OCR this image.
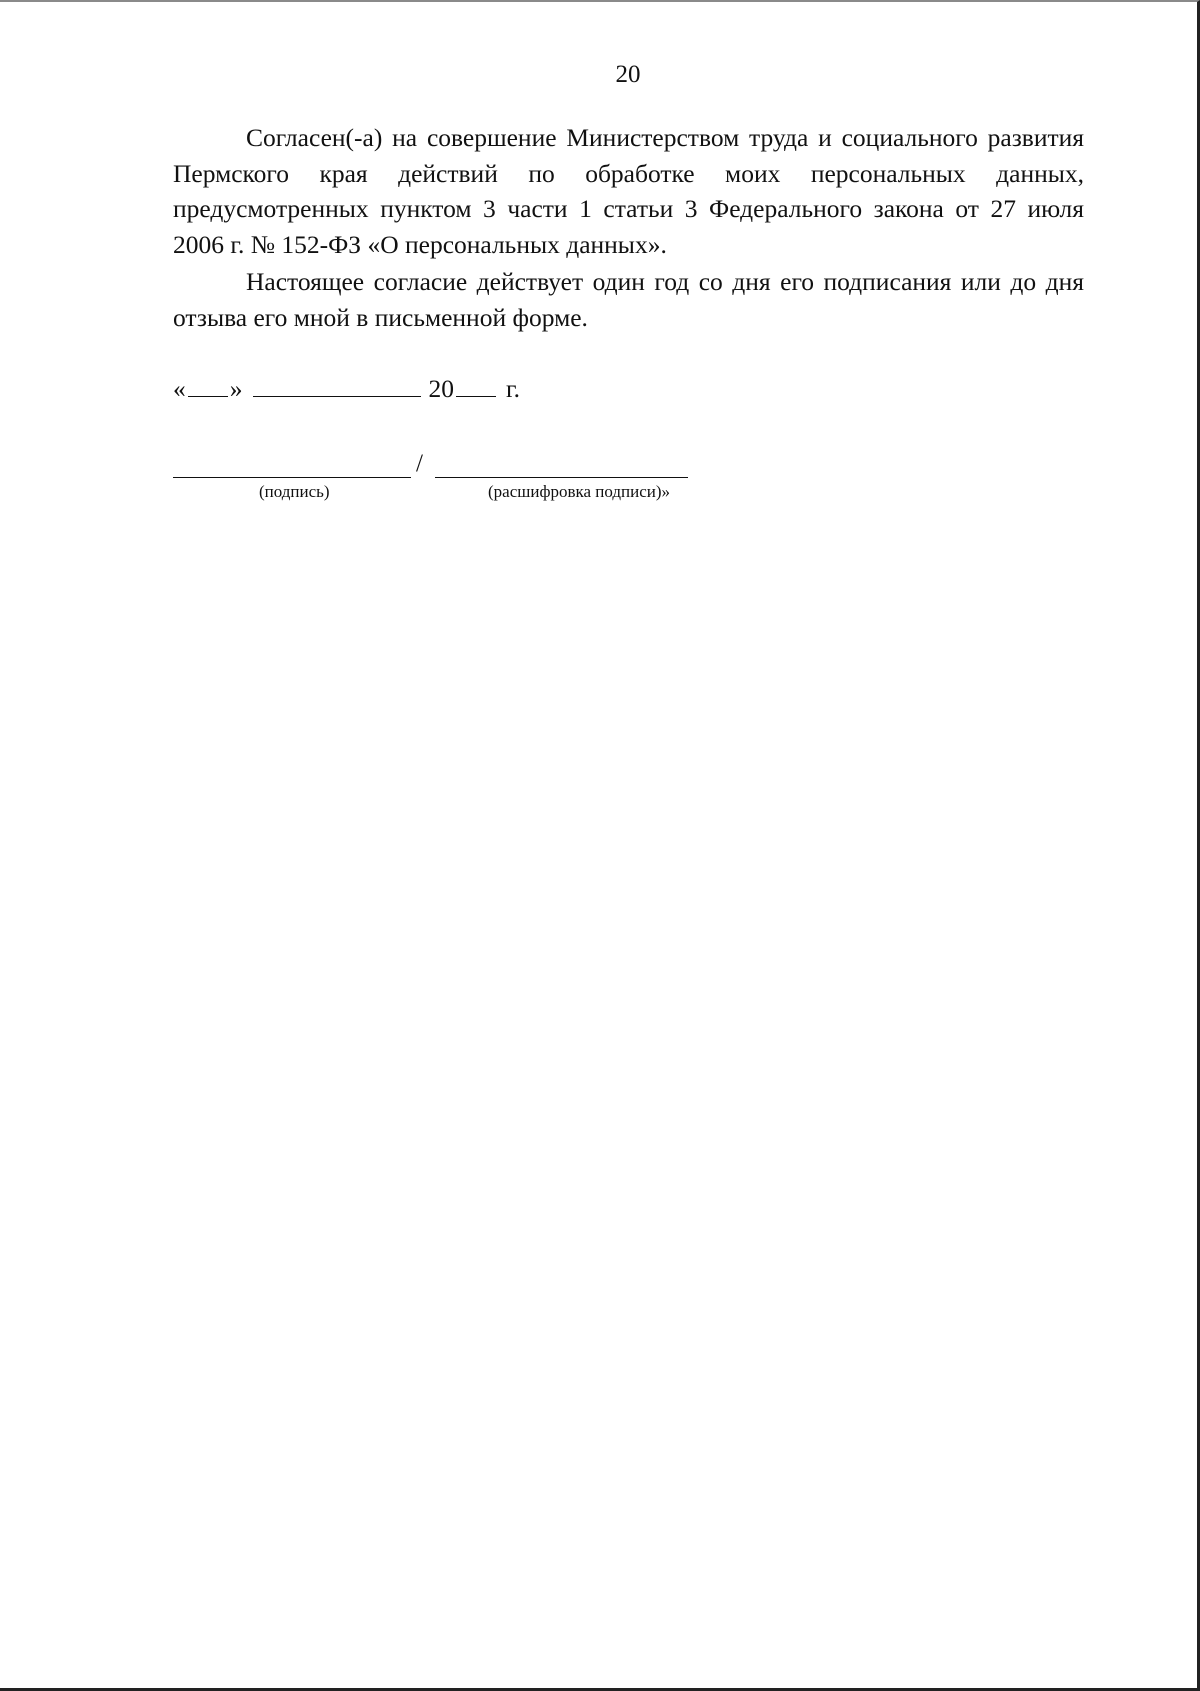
20

Согласен(-а) на совершение Министерством труда и социального развития Пермского края действий по обработке моих персональных данных, предусмотренных пунктом 3 части 1 статьи 3 Федерального закона от 27 июля 2006 г. № 152-ФЗ «О персональных данных».

Настоящее согласие действует один год со дня его подписания или до дня отзыва его мной в письменной форме.

« »	20 г.
/
(подпись)	(расшифровка подписи)»
